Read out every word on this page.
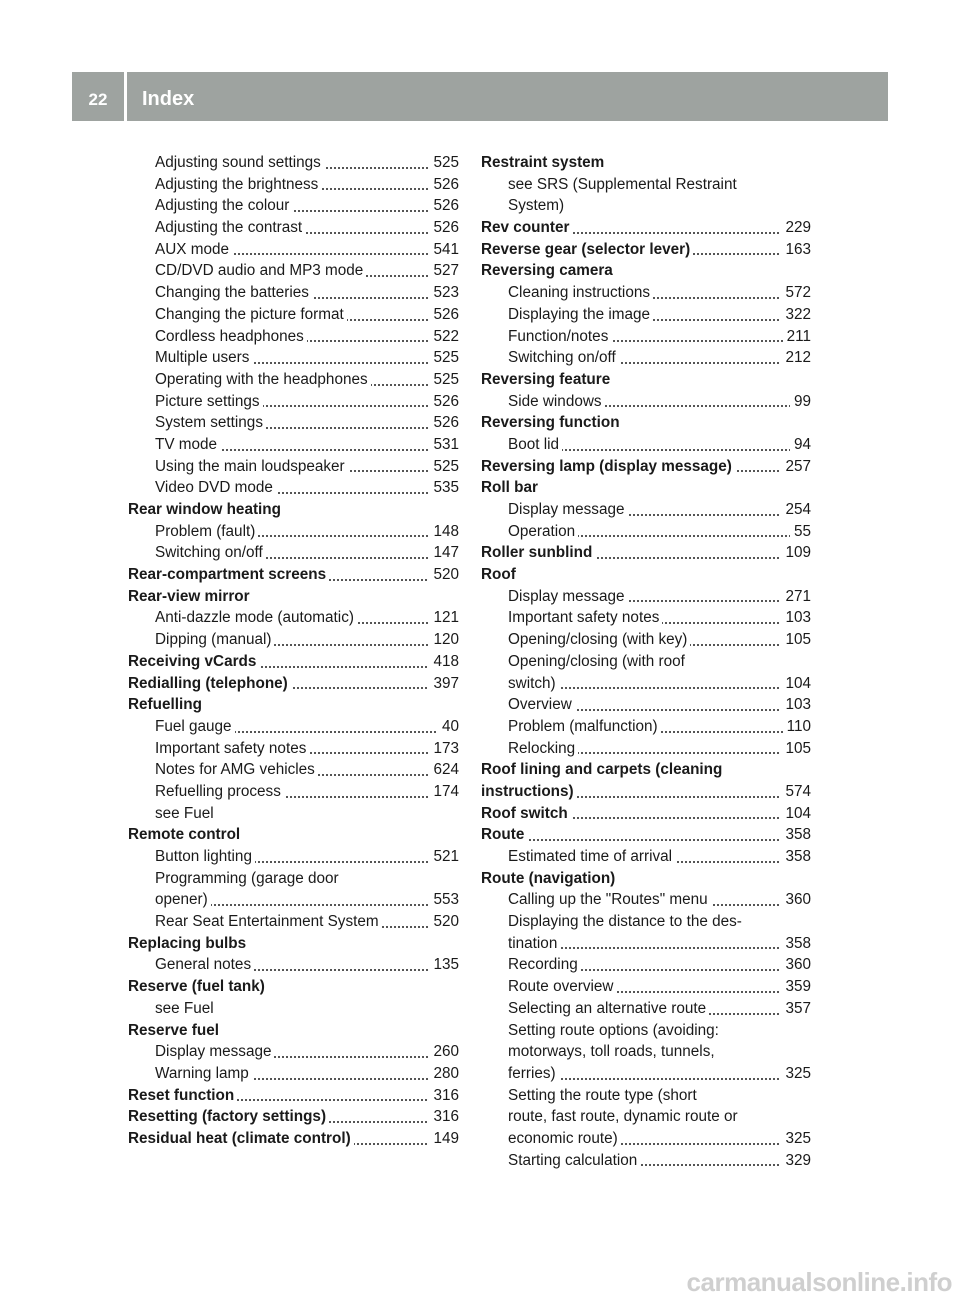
22	Index
Adjusting sound settings	525
Adjusting the brightness	526
Adjusting the colour	526
Adjusting the contrast	526
AUX mode	541
CD/DVD audio and MP3 mode	527
Changing the batteries	523
Changing the picture format	526
Cordless headphones	522
Multiple users	525
Operating with the headphones	525
Picture settings	526
System settings	526
TV mode	531
Using the main loudspeaker	525
Video DVD mode	535
Rear window heating
Problem (fault)	148
Switching on/off	147
Rear-compartment screens	520
Rear-view mirror
Anti-dazzle mode (automatic)	121
Dipping (manual)	120
Receiving vCards	418
Redialling (telephone)	397
Refuelling
Fuel gauge	40
Important safety notes	173
Notes for AMG vehicles	624
Refuelling process	174
see Fuel
Remote control
Button lighting	521
Programming (garage door
opener)	553
Rear Seat Entertainment System	520
Replacing bulbs
General notes	135
Reserve (fuel tank)
see Fuel
Reserve fuel
Display message	260
Warning lamp	280
Reset function	316
Resetting (factory settings)	316
Residual heat (climate control)	149
Restraint system
see SRS (Supplemental Restraint
System)
Rev counter	229
Reverse gear (selector lever)	163
Reversing camera
Cleaning instructions	572
Displaying the image	322
Function/notes	211
Switching on/off	212
Reversing feature
Side windows	99
Reversing function
Boot lid	94
Reversing lamp (display message)	257
Roll bar
Display message	254
Operation	55
Roller sunblind	109
Roof
Display message	271
Important safety notes	103
Opening/closing (with key)	105
Opening/closing (with roof
switch)	104
Overview	103
Problem (malfunction)	110
Relocking	105
Roof lining and carpets (cleaning
instructions)	574
Roof switch	104
Route	358
Estimated time of arrival	358
Route (navigation)
Calling up the "Routes" menu	360
Displaying the distance to the des-
tination	358
Recording	360
Route overview	359
Selecting an alternative route	357
Setting route options (avoiding:
motorways, toll roads, tunnels,
ferries)	325
Setting the route type (short
route, fast route, dynamic route or
economic route)	325
Starting calculation	329
carmanualsonline.info
